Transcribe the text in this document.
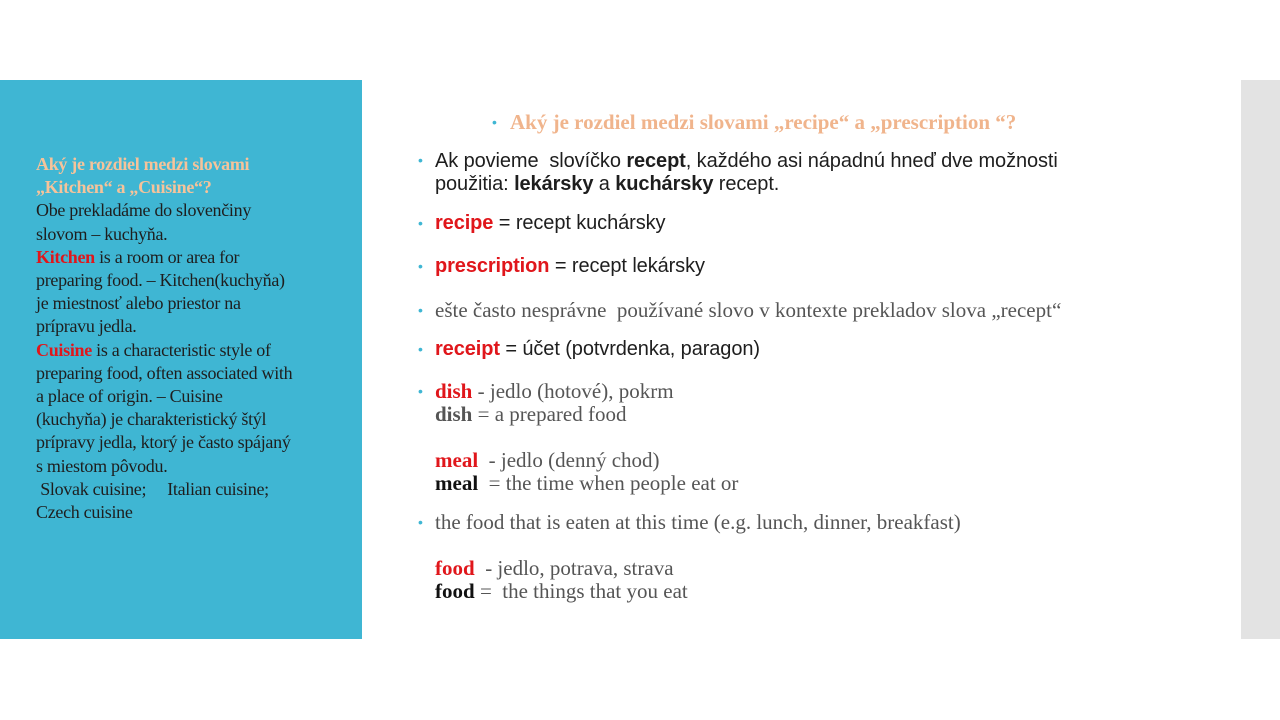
Aký je rozdiel medzi slovami
„Kitchen“ a „Cuisine“?
Obe prekladáme do slovenčiny
slovom – kuchyňa.
Kitchen is a room or area for
preparing food. – Kitchen(kuchyňa)
je miestnosť alebo priestor na
prípravu jedla.
Cuisine is a characteristic style of
preparing food, often associated with
a place of origin. – Cuisine
(kuchyňa) je charakteristický štýl
prípravy jedla, ktorý je často spájaný
s miestom pôvodu.
Slovak cuisine;     Italian cuisine;
Czech cuisine
• Aký je rozdiel medzi slovami „recipe“ a „prescription “?
• Ak povieme  slovíčko recept, každého asi nápadnú hneď dve možnosti
použitia: lekársky a kuchársky recept.
• recipe = recept kuchársky
• prescription = recept lekársky
• ešte často nesprávne  používané slovo v kontexte prekladov slova „recept“
• receipt = účet (potvrdenka, paragon)
• dish - jedlo (hotové), pokrm
dish = a prepared food
meal  - jedlo (denný chod)
meal  = the time when people eat or
• the food that is eaten at this time (e.g. lunch, dinner, breakfast)
food  - jedlo, potrava, strava
food =  the things that you eat
